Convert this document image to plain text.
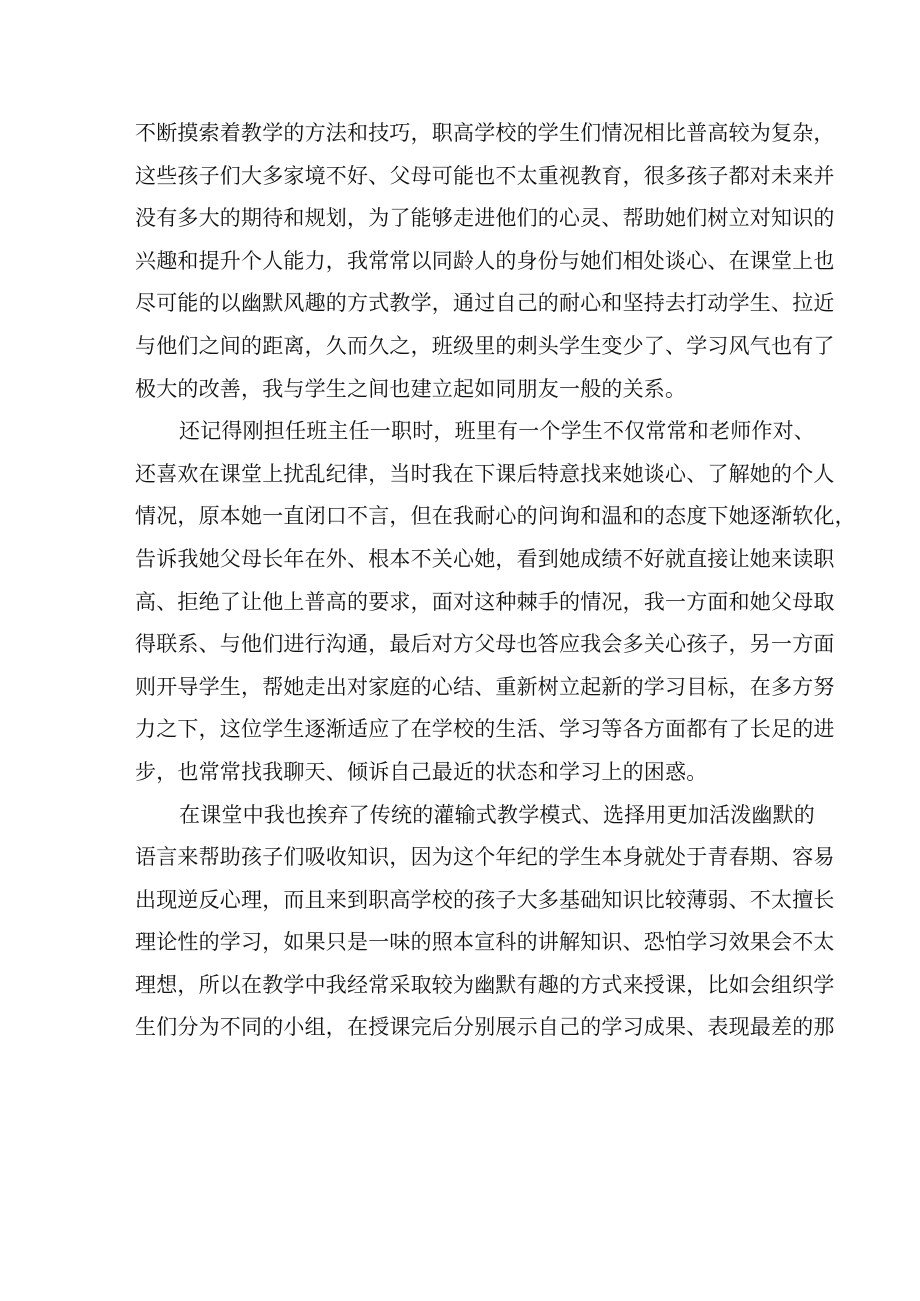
不断摸索着教学的方法和技巧，职高学校的学生们情况相比普高较为复杂，
这些孩子们大多家境不好、父母可能也不太重视教育，很多孩子都对未来并
没有多大的期待和规划，为了能够走进他们的心灵、帮助她们树立对知识的
兴趣和提升个人能力，我常常以同龄人的身份与她们相处谈心、在课堂上也
尽可能的以幽默风趣的方式教学，通过自己的耐心和坚持去打动学生、拉近
与他们之间的距离，久而久之，班级里的刺头学生变少了、学习风气也有了
极大的改善，我与学生之间也建立起如同朋友一般的关系。
还记得刚担任班主任一职时，班里有一个学生不仅常常和老师作对、
还喜欢在课堂上扰乱纪律，当时我在下课后特意找来她谈心、了解她的个人
情况，原本她一直闭口不言，但在我耐心的问询和温和的态度下她逐渐软化，
告诉我她父母长年在外、根本不关心她，看到她成绩不好就直接让她来读职
高、拒绝了让他上普高的要求，面对这种棘手的情况，我一方面和她父母取
得联系、与他们进行沟通，最后对方父母也答应我会多关心孩子，另一方面
则开导学生，帮她走出对家庭的心结、重新树立起新的学习目标，在多方努
力之下，这位学生逐渐适应了在学校的生活、学习等各方面都有了长足的进
步，也常常找我聊天、倾诉自己最近的状态和学习上的困惑。
在课堂中我也挨弃了传统的灌输式教学模式、选择用更加活泼幽默的
语言来帮助孩子们吸收知识，因为这个年纪的学生本身就处于青春期、容易
出现逆反心理，而且来到职高学校的孩子大多基础知识比较薄弱、不太擅长
理论性的学习，如果只是一味的照本宣科的讲解知识、恐怕学习效果会不太
理想，所以在教学中我经常采取较为幽默有趣的方式来授课，比如会组织学
生们分为不同的小组，在授课完后分别展示自己的学习成果、表现最差的那
